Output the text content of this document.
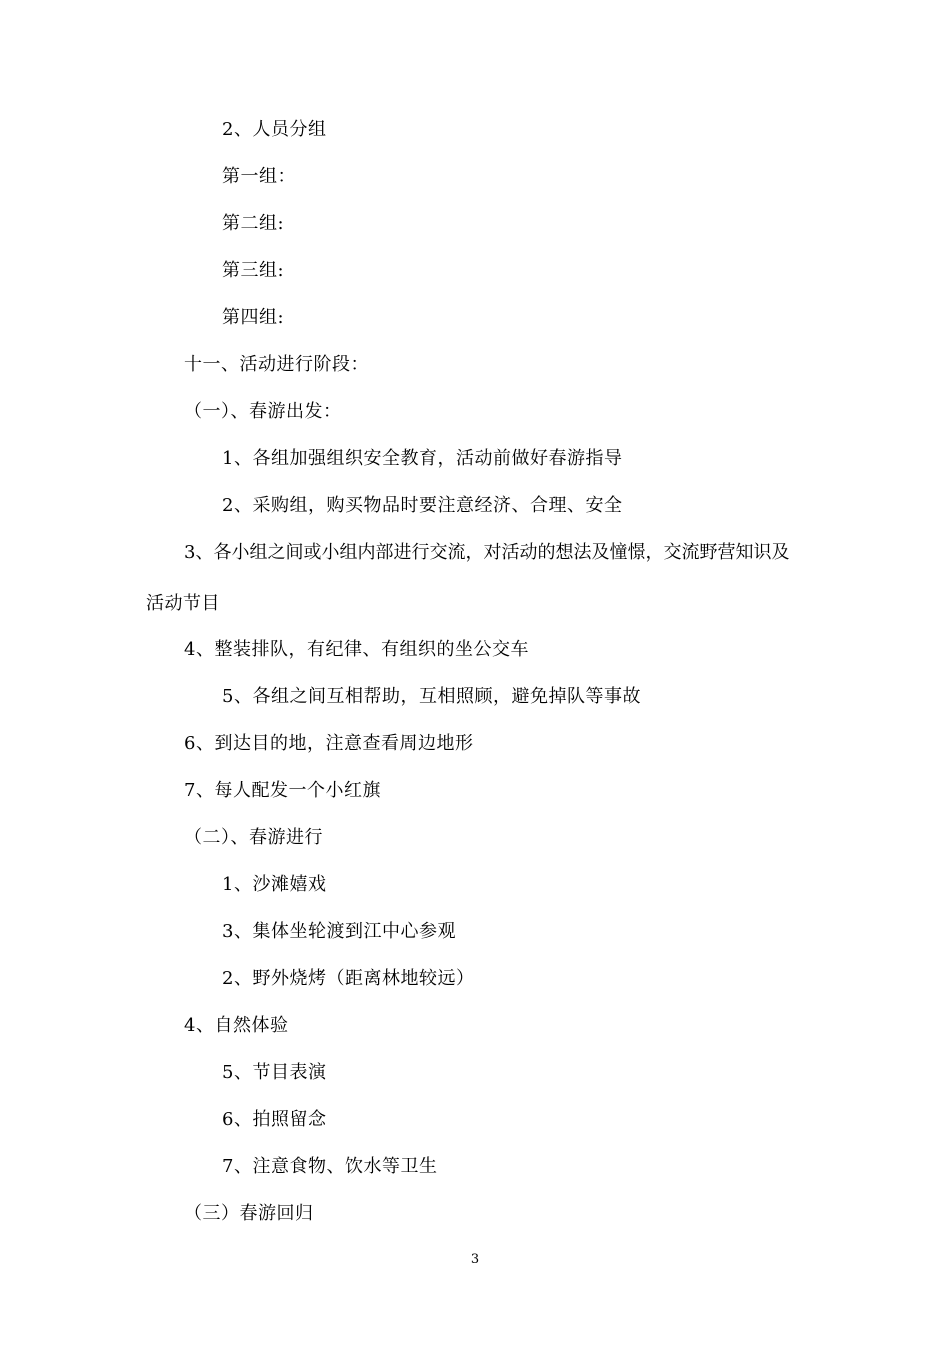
2、人员分组
第一组：
第二组:
第三组:
第四组:
十一、活动进行阶段：
（一）、春游出发：
1、各组加强组织安全教育，活动前做好春游指导
2、采购组，购买物品时要注意经济、合理、安全
3、各小组之间或小组内部进行交流，对活动的想法及憧憬，交流野营知识及
活动节目
4、整装排队，有纪律、有组织的坐公交车
5、各组之间互相帮助，互相照顾，避免掉队等事故
6、到达目的地，注意查看周边地形
7、每人配发一个小红旗
（二）、春游进行
1、沙滩嬉戏
3、集体坐轮渡到江中心参观
2、野外烧烤（距离林地较远）
4、自然体验
5、节目表演
6、拍照留念
7、注意食物、饮水等卫生
（三）春游回归
3
